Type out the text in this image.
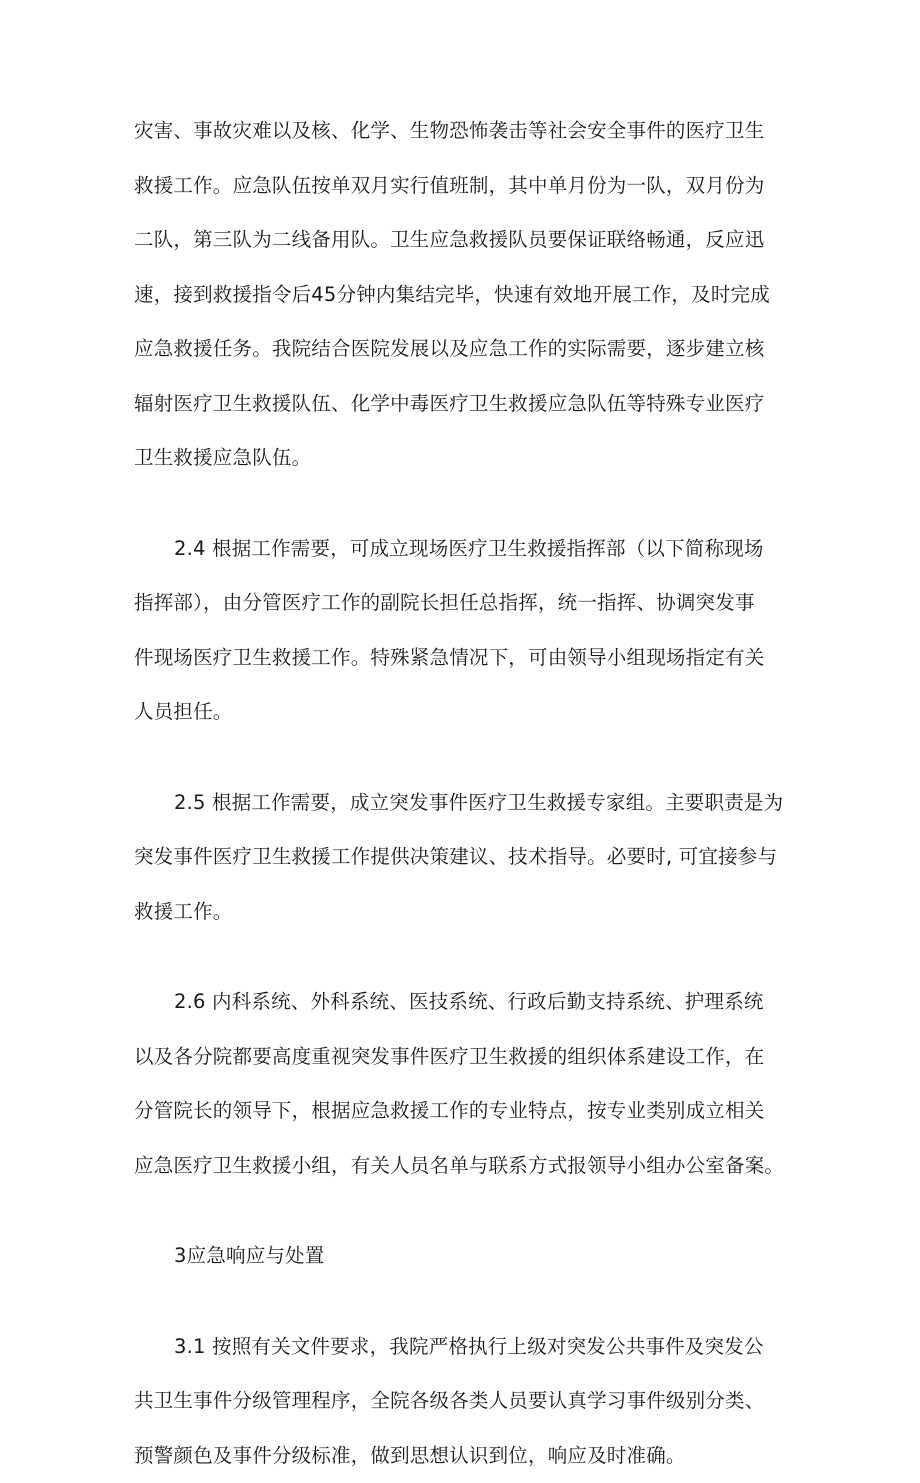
灾害、事故灾难以及核、化学、生物恐怖袭击等社会安全事件的医疗卫生
救援工作。应急队伍按单双月实行值班制，其中单月份为一队，双月份为
二队，第三队为二线备用队。卫生应急救援队员要保证联络畅通，反应迅
速，接到救援指令后45分钟内集结完毕，快速有效地开展工作，及时完成
应急救援任务。我院结合医院发展以及应急工作的实际需要，逐步建立核
辐射医疗卫生救援队伍、化学中毒医疗卫生救援应急队伍等特殊专业医疗
卫生救援应急队伍。
2.4 根据工作需要，可成立现场医疗卫生救援指挥部（以下简称现场
指挥部），由分管医疗工作的副院长担任总指挥，统一指挥、协调突发事
件现场医疗卫生救援工作。特殊紧急情况下，可由领导小组现场指定有关
人员担任。
2.5 根据工作需要，成立突发事件医疗卫生救援专家组。主要职责是为
突发事件医疗卫生救援工作提供决策建议、技术指导。必要时, 可宜接参与
救援工作。
2.6 内科系统、外科系统、医技系统、行政后勤支持系统、护理系统
以及各分院都要高度重视突发事件医疗卫生救援的组织体系建设工作，在
分管院长的领导下，根据应急救援工作的专业特点，按专业类别成立相关
应急医疗卫生救援小组，有关人员名单与联系方式报领导小组办公室备案。
3应急响应与处置
3.1 按照有关文件要求，我院严格执行上级对突发公共事件及突发公
共卫生事件分级管理程序，全院各级各类人员要认真学习事件级别分类、
预警颜色及事件分级标准，做到思想认识到位，响应及时准确。
